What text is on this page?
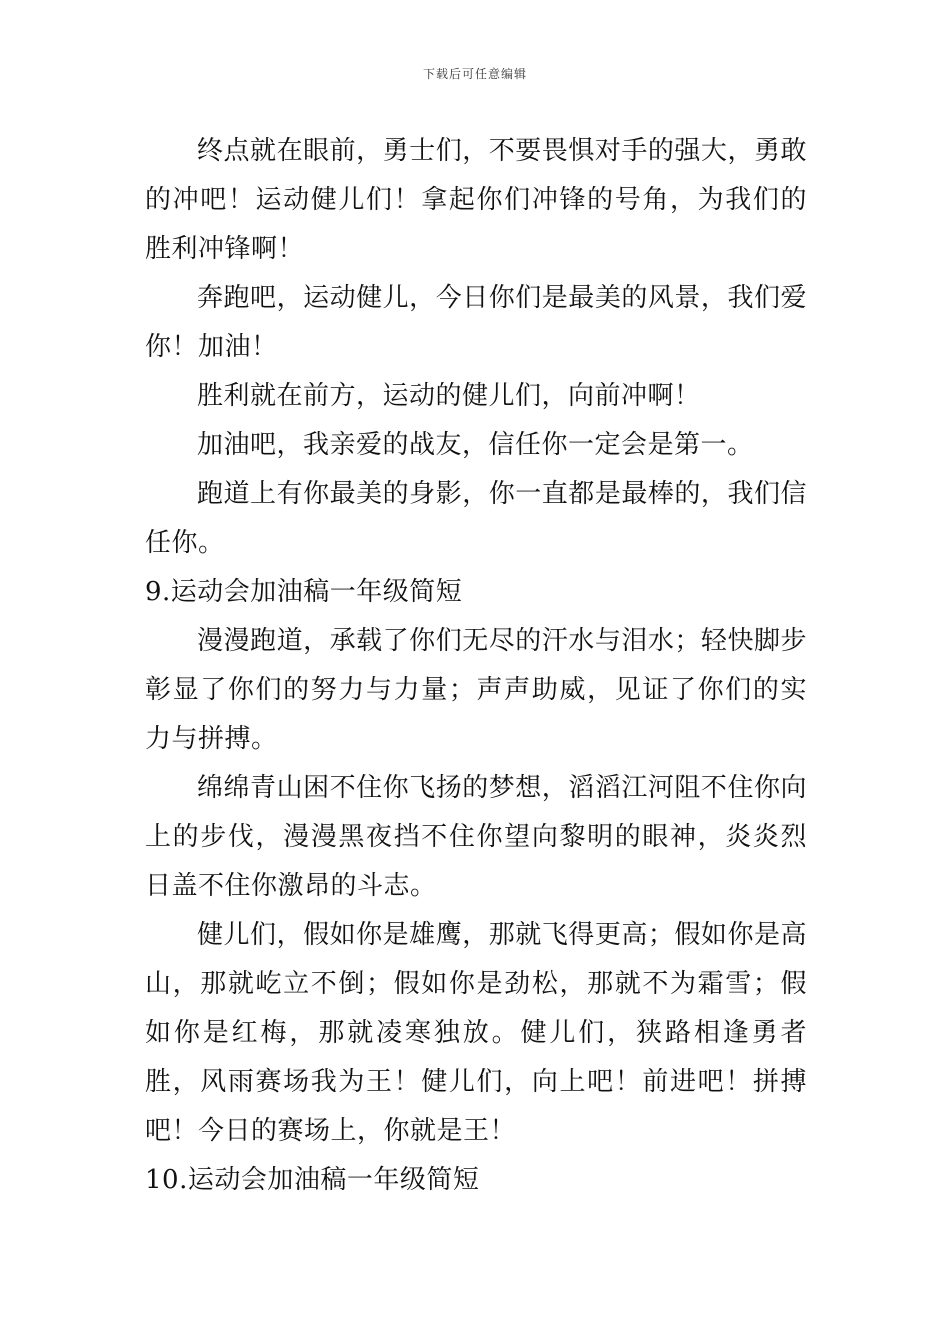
下载后可任意编辑

终点就在眼前，勇士们，不要畏惧对手的强大，勇敢的冲吧！运动健儿们！拿起你们冲锋的号角，为我们的胜利冲锋啊！

奔跑吧，运动健儿，今日你们是最美的风景，我们爱你！加油！

胜利就在前方，运动的健儿们，向前冲啊！

加油吧，我亲爱的战友，信任你一定会是第一。

跑道上有你最美的身影，你一直都是最棒的，我们信任你。

9.运动会加油稿一年级简短

漫漫跑道，承载了你们无尽的汗水与泪水；轻快脚步彰显了你们的努力与力量；声声助威，见证了你们的实力与拼搏。

绵绵青山困不住你飞扬的梦想，滔滔江河阻不住你向上的步伐，漫漫黑夜挡不住你望向黎明的眼神，炎炎烈日盖不住你激昂的斗志。

健儿们，假如你是雄鹰，那就飞得更高；假如你是高山，那就屹立不倒；假如你是劲松，那就不为霜雪；假如你是红梅，那就凌寒独放。健儿们，狭路相逢勇者胜，风雨赛场我为王！健儿们，向上吧！前进吧！拼搏吧！今日的赛场上，你就是王！

10.运动会加油稿一年级简短
